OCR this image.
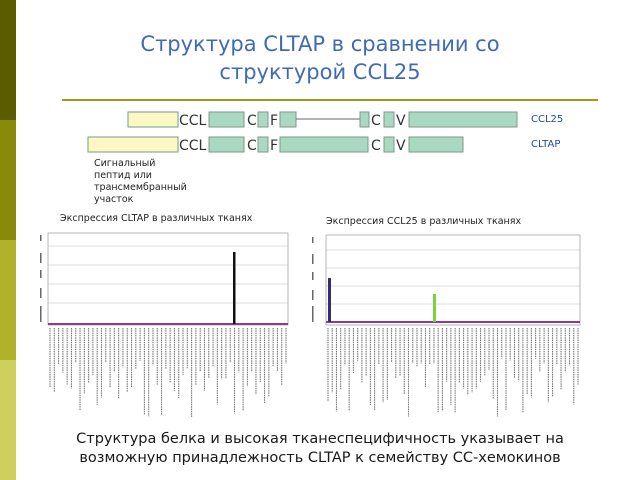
Структура CLTAP в сравнении со
структурой CCL25
CCL	C F	C V
CCL	C F	C V
CCL25
CLTAP
Сигнальный
пептид или
трансмембранный
участок
Экспрессия CLTAP в различных тканях	Экспрессия CCL25 в различных тканях
Структура белка и высокая тканеспецифичность указывает на
возможную принадлежность CLTAP к семейству СС-хемокинов
